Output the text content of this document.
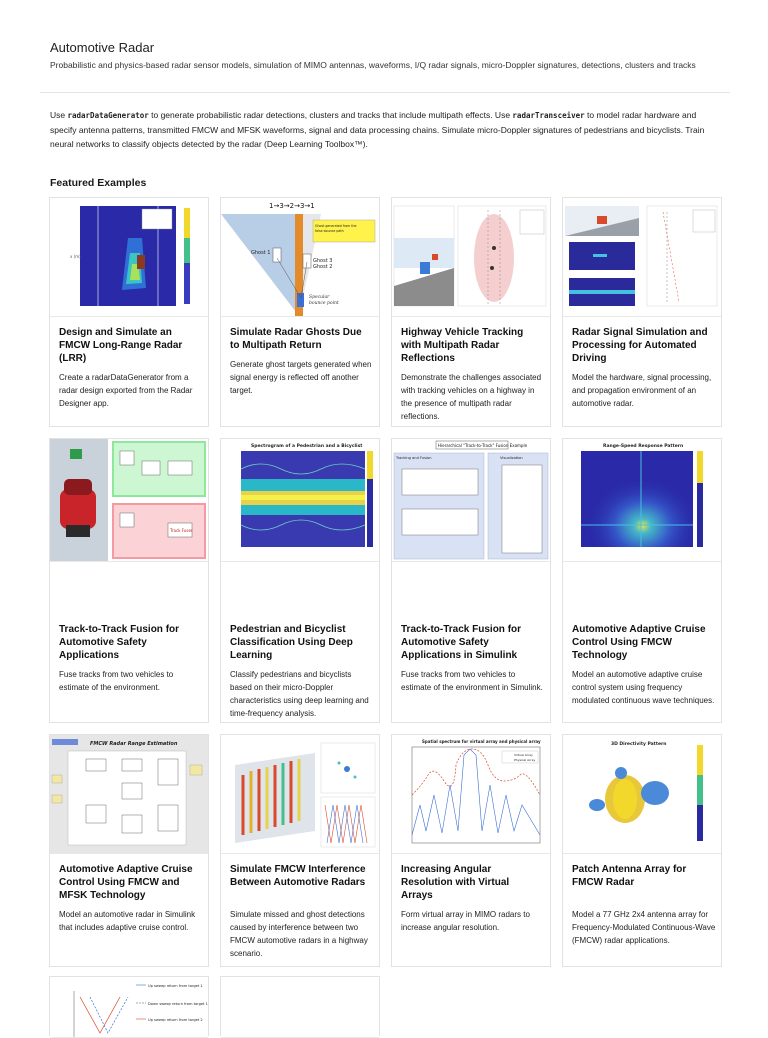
Automotive Radar

Probabilistic and physics-based radar sensor models, simulation of MIMO antennas, waveforms, I/Q radar signals, micro-Doppler signatures, detections, clusters and tracks

Use radarDataGenerator to generate probabilistic radar detections, clusters and tracks that include multipath effects. Use radarTransceiver to model radar hardware and specify antenna patterns, transmitted FMCW and MFSK waveforms, signal and data processing chains. Simulate micro-Doppler signatures of pedestrians and bicyclists. Train neural networks to classify objects detected by the radar (Deep Learning Toolbox™).

Featured Examples
x (m)

Design and Simulate an FMCW Long-Range Radar (LRR)

Create a radarDataGenerator from a radar design exported from the Radar Designer app.

1→3→2→3→1
Ghost generated from the
false bounce path
Ghost 1
Ghost 3
Ghost 2
Specular
bounce point

Simulate Radar Ghosts Due to Multipath Return

Generate ghost targets generated when signal energy is reflected off another target.

Highway Vehicle Tracking with Multipath Radar Reflections

Demonstrate the challenges associated with tracking vehicles on a highway in the presence of multipath radar reflections.

Radar Signal Simulation and Processing for Automated Driving

Model the hardware, signal processing, and propagation environment of an automotive radar.

Track Fuser

Track-to-Track Fusion for Automotive Safety Applications

Fuse tracks from two vehicles to estimate of the environment.

Spectrogram of a Pedestrian and a Bicyclist

Pedestrian and Bicyclist Classification Using Deep Learning

Classify pedestrians and bicyclists based on their micro-Doppler characteristics using deep learning and time-frequency analysis.

Hierarchical "Track-to-Track" Fusion Example
Tracking and Fusion	Visualization

Track-to-Track Fusion for Automotive Safety Applications in Simulink

Fuse tracks from two vehicles to estimate of the environment in Simulink.

Range-Speed Response Pattern

Automotive Adaptive Cruise Control Using FMCW Technology

Model an automotive adaptive cruise control system using frequency modulated continuous wave techniques.

FMCW Radar Range Estimation

Automotive Adaptive Cruise Control Using FMCW and MFSK Technology

Model an automotive radar in Simulink that includes adaptive cruise control.

Simulate FMCW Interference Between Automotive Radars

Simulate missed and ghost detections caused by interference between two FMCW automotive radars in a highway scenario.

Spatial spectrum for virtual array and physical array
Virtual Array
Physical Array

Increasing Angular Resolution with Virtual Arrays

Form virtual array in MIMO radars to increase angular resolution.

3D Directivity Pattern

Patch Antenna Array for FMCW Radar

Model a 77 GHz 2x4 antenna array for Frequency-Modulated Continuous-Wave (FMCW) radar applications.

Up sweep return from target 1
Down sweep return from target 1
Up sweep return from target 2
